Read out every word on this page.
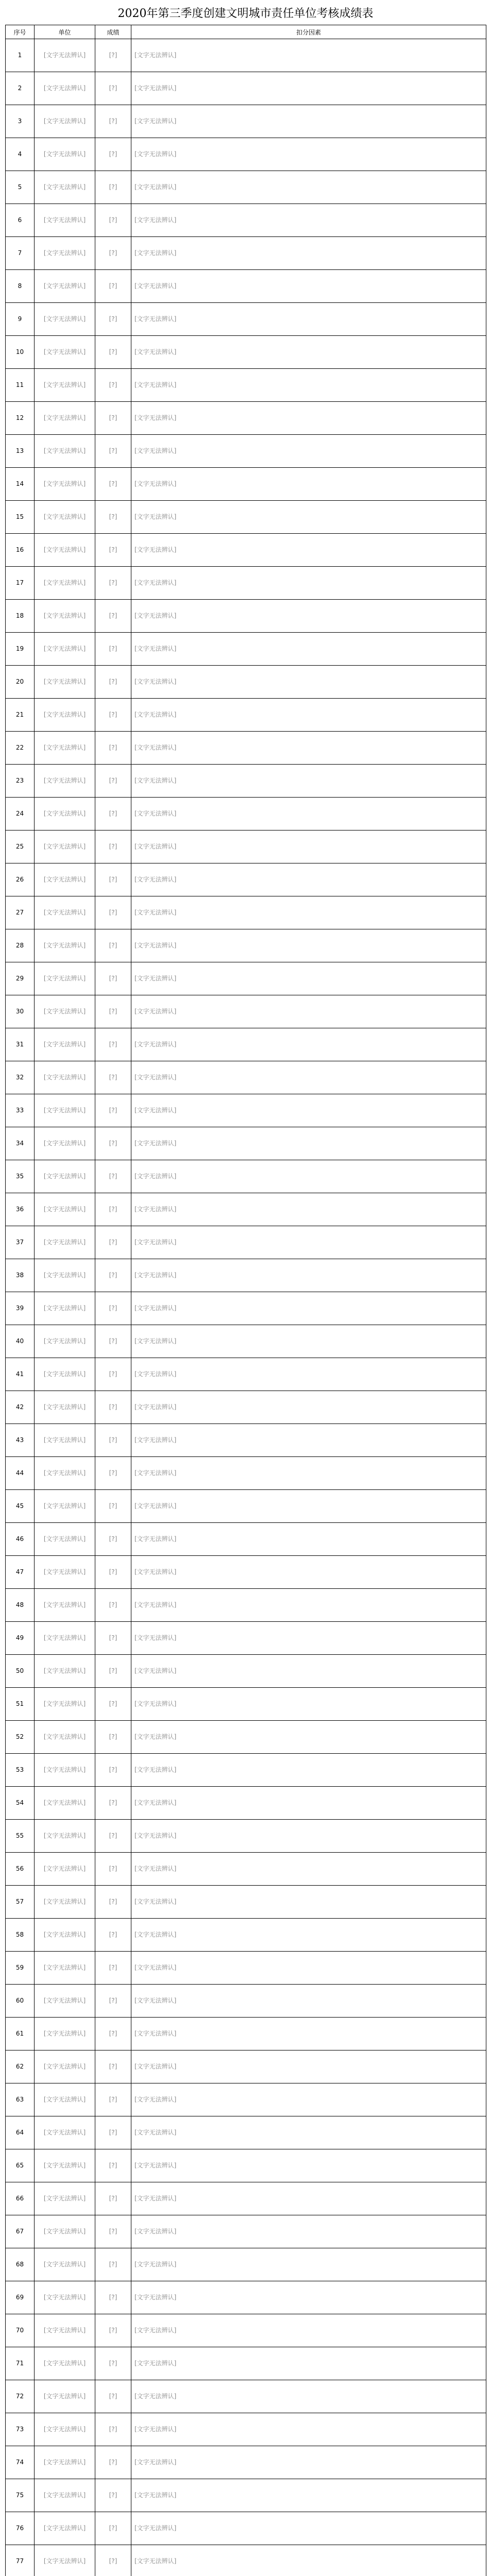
2020年第三季度创建文明城市责任单位考核成绩表
序号	单位	成绩	扣分因素
1	[文字无法辨认]	[?]	[文字无法辨认]
2	[文字无法辨认]	[?]	[文字无法辨认]
3	[文字无法辨认]	[?]	[文字无法辨认]
4	[文字无法辨认]	[?]	[文字无法辨认]
5	[文字无法辨认]	[?]	[文字无法辨认]
6	[文字无法辨认]	[?]	[文字无法辨认]
7	[文字无法辨认]	[?]	[文字无法辨认]
8	[文字无法辨认]	[?]	[文字无法辨认]
9	[文字无法辨认]	[?]	[文字无法辨认]
10	[文字无法辨认]	[?]	[文字无法辨认]
11	[文字无法辨认]	[?]	[文字无法辨认]
12	[文字无法辨认]	[?]	[文字无法辨认]
13	[文字无法辨认]	[?]	[文字无法辨认]
14	[文字无法辨认]	[?]	[文字无法辨认]
15	[文字无法辨认]	[?]	[文字无法辨认]
16	[文字无法辨认]	[?]	[文字无法辨认]
17	[文字无法辨认]	[?]	[文字无法辨认]
18	[文字无法辨认]	[?]	[文字无法辨认]
19	[文字无法辨认]	[?]	[文字无法辨认]
20	[文字无法辨认]	[?]	[文字无法辨认]
21	[文字无法辨认]	[?]	[文字无法辨认]
22	[文字无法辨认]	[?]	[文字无法辨认]
23	[文字无法辨认]	[?]	[文字无法辨认]
24	[文字无法辨认]	[?]	[文字无法辨认]
25	[文字无法辨认]	[?]	[文字无法辨认]
26	[文字无法辨认]	[?]	[文字无法辨认]
27	[文字无法辨认]	[?]	[文字无法辨认]
28	[文字无法辨认]	[?]	[文字无法辨认]
29	[文字无法辨认]	[?]	[文字无法辨认]
30	[文字无法辨认]	[?]	[文字无法辨认]
31	[文字无法辨认]	[?]	[文字无法辨认]
32	[文字无法辨认]	[?]	[文字无法辨认]
33	[文字无法辨认]	[?]	[文字无法辨认]
34	[文字无法辨认]	[?]	[文字无法辨认]
35	[文字无法辨认]	[?]	[文字无法辨认]
36	[文字无法辨认]	[?]	[文字无法辨认]
37	[文字无法辨认]	[?]	[文字无法辨认]
38	[文字无法辨认]	[?]	[文字无法辨认]
39	[文字无法辨认]	[?]	[文字无法辨认]
40	[文字无法辨认]	[?]	[文字无法辨认]
41	[文字无法辨认]	[?]	[文字无法辨认]
42	[文字无法辨认]	[?]	[文字无法辨认]
43	[文字无法辨认]	[?]	[文字无法辨认]
44	[文字无法辨认]	[?]	[文字无法辨认]
45	[文字无法辨认]	[?]	[文字无法辨认]
46	[文字无法辨认]	[?]	[文字无法辨认]
47	[文字无法辨认]	[?]	[文字无法辨认]
48	[文字无法辨认]	[?]	[文字无法辨认]
49	[文字无法辨认]	[?]	[文字无法辨认]
50	[文字无法辨认]	[?]	[文字无法辨认]
51	[文字无法辨认]	[?]	[文字无法辨认]
52	[文字无法辨认]	[?]	[文字无法辨认]
53	[文字无法辨认]	[?]	[文字无法辨认]
54	[文字无法辨认]	[?]	[文字无法辨认]
55	[文字无法辨认]	[?]	[文字无法辨认]
56	[文字无法辨认]	[?]	[文字无法辨认]
57	[文字无法辨认]	[?]	[文字无法辨认]
58	[文字无法辨认]	[?]	[文字无法辨认]
59	[文字无法辨认]	[?]	[文字无法辨认]
60	[文字无法辨认]	[?]	[文字无法辨认]
61	[文字无法辨认]	[?]	[文字无法辨认]
62	[文字无法辨认]	[?]	[文字无法辨认]
63	[文字无法辨认]	[?]	[文字无法辨认]
64	[文字无法辨认]	[?]	[文字无法辨认]
65	[文字无法辨认]	[?]	[文字无法辨认]
66	[文字无法辨认]	[?]	[文字无法辨认]
67	[文字无法辨认]	[?]	[文字无法辨认]
68	[文字无法辨认]	[?]	[文字无法辨认]
69	[文字无法辨认]	[?]	[文字无法辨认]
70	[文字无法辨认]	[?]	[文字无法辨认]
71	[文字无法辨认]	[?]	[文字无法辨认]
72	[文字无法辨认]	[?]	[文字无法辨认]
73	[文字无法辨认]	[?]	[文字无法辨认]
74	[文字无法辨认]	[?]	[文字无法辨认]
75	[文字无法辨认]	[?]	[文字无法辨认]
76	[文字无法辨认]	[?]	[文字无法辨认]
77	[文字无法辨认]	[?]	[文字无法辨认]
